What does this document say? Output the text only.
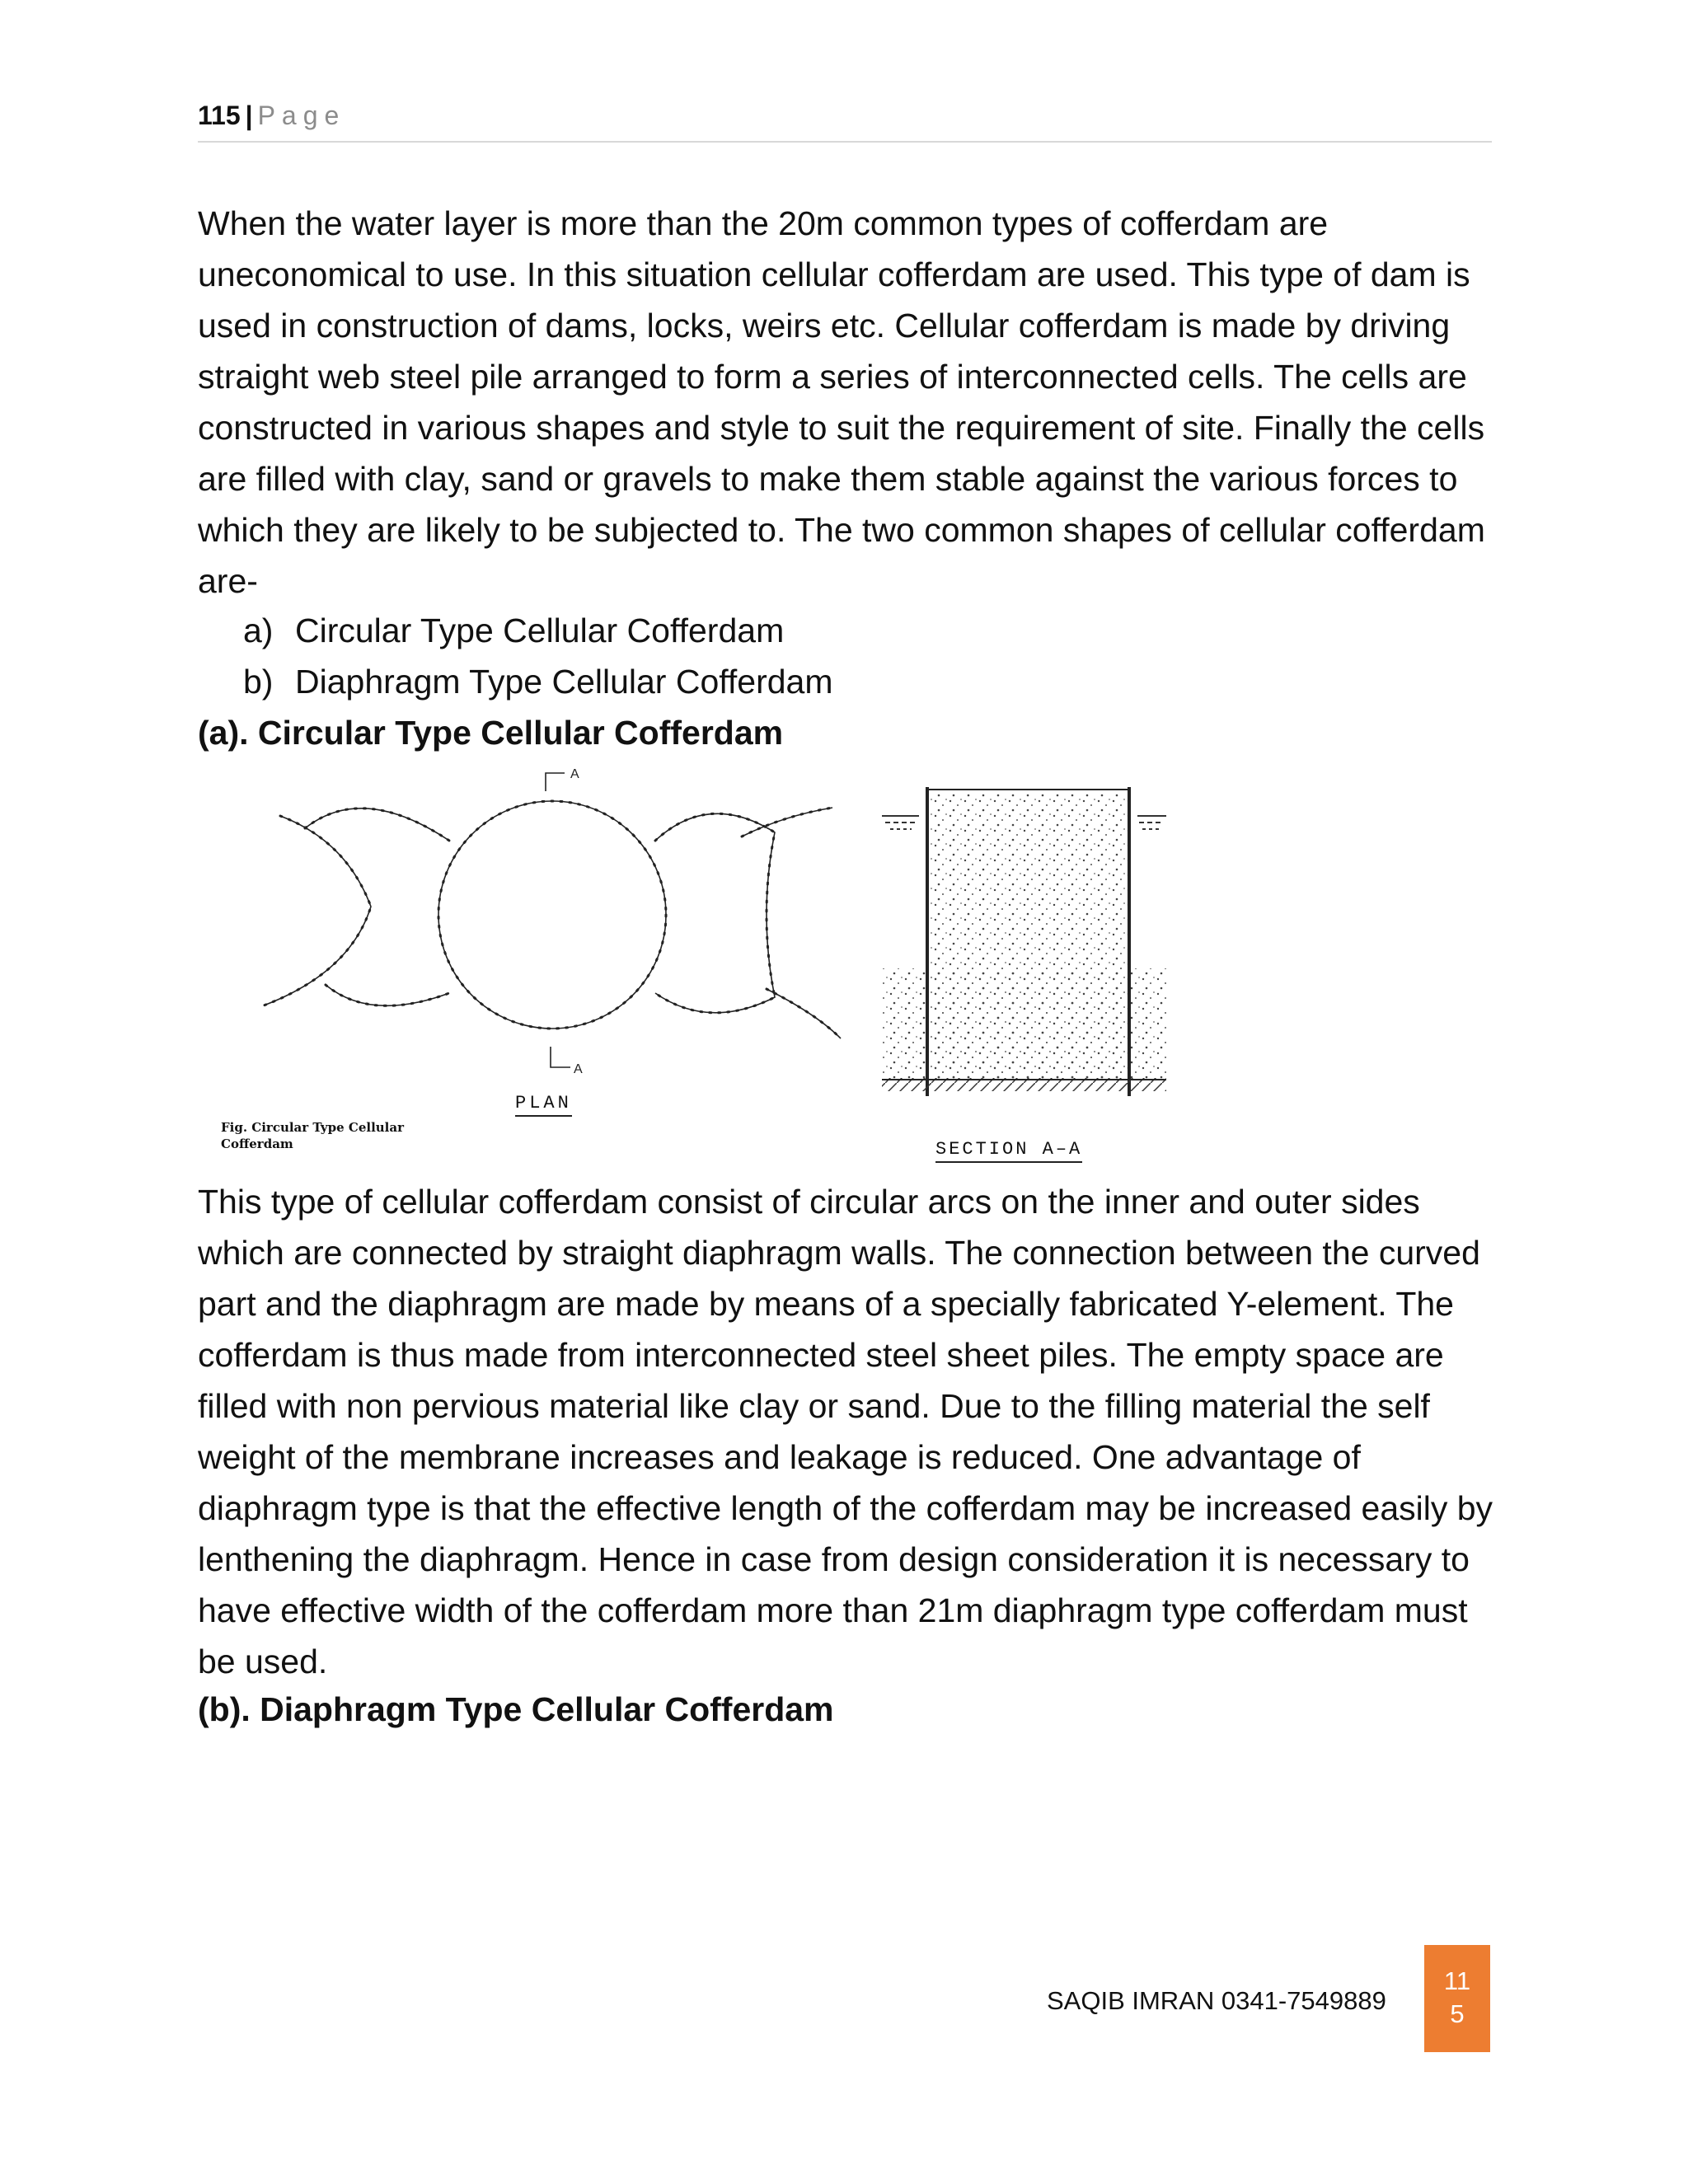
115 | Page

When the water layer is more than the 20m common types of cofferdam are uneconomical to use. In this situation cellular cofferdam are used. This type of dam is used in construction of dams, locks, weirs etc. Cellular cofferdam is made by driving straight web steel pile arranged to form a series of interconnected cells. The cells are constructed in various shapes and style to suit the requirement of site. Finally the cells are filled with clay, sand or gravels to make them stable against the various forces to which they are likely to be subjected to. The two common shapes of cellular cofferdam are-

a) Circular Type Cellular Cofferdam
b) Diaphragm Type Cellular Cofferdam
(a). Circular Type Cellular Cofferdam
A
A
PLAN
Fig. Circular Type Cellular Cofferdam	SECTION A–A

This type of cellular cofferdam consist of circular arcs on the inner and outer sides which are connected by straight diaphragm walls. The connection between the curved part and the diaphragm are made by means of a specially fabricated Y-element. The cofferdam is thus made from interconnected steel sheet piles. The empty space are filled with non pervious material like clay or sand. Due to the filling material the self weight of the membrane increases and leakage is reduced. One advantage of diaphragm type is that the effective length of the cofferdam may be increased easily by lenthening the diaphragm. Hence in case from design consideration it is necessary to have effective width of the cofferdam more than 21m diaphragm type cofferdam must be used.

(b). Diaphragm Type Cellular Cofferdam
SAQIB IMRAN 0341-7549889
11
5
